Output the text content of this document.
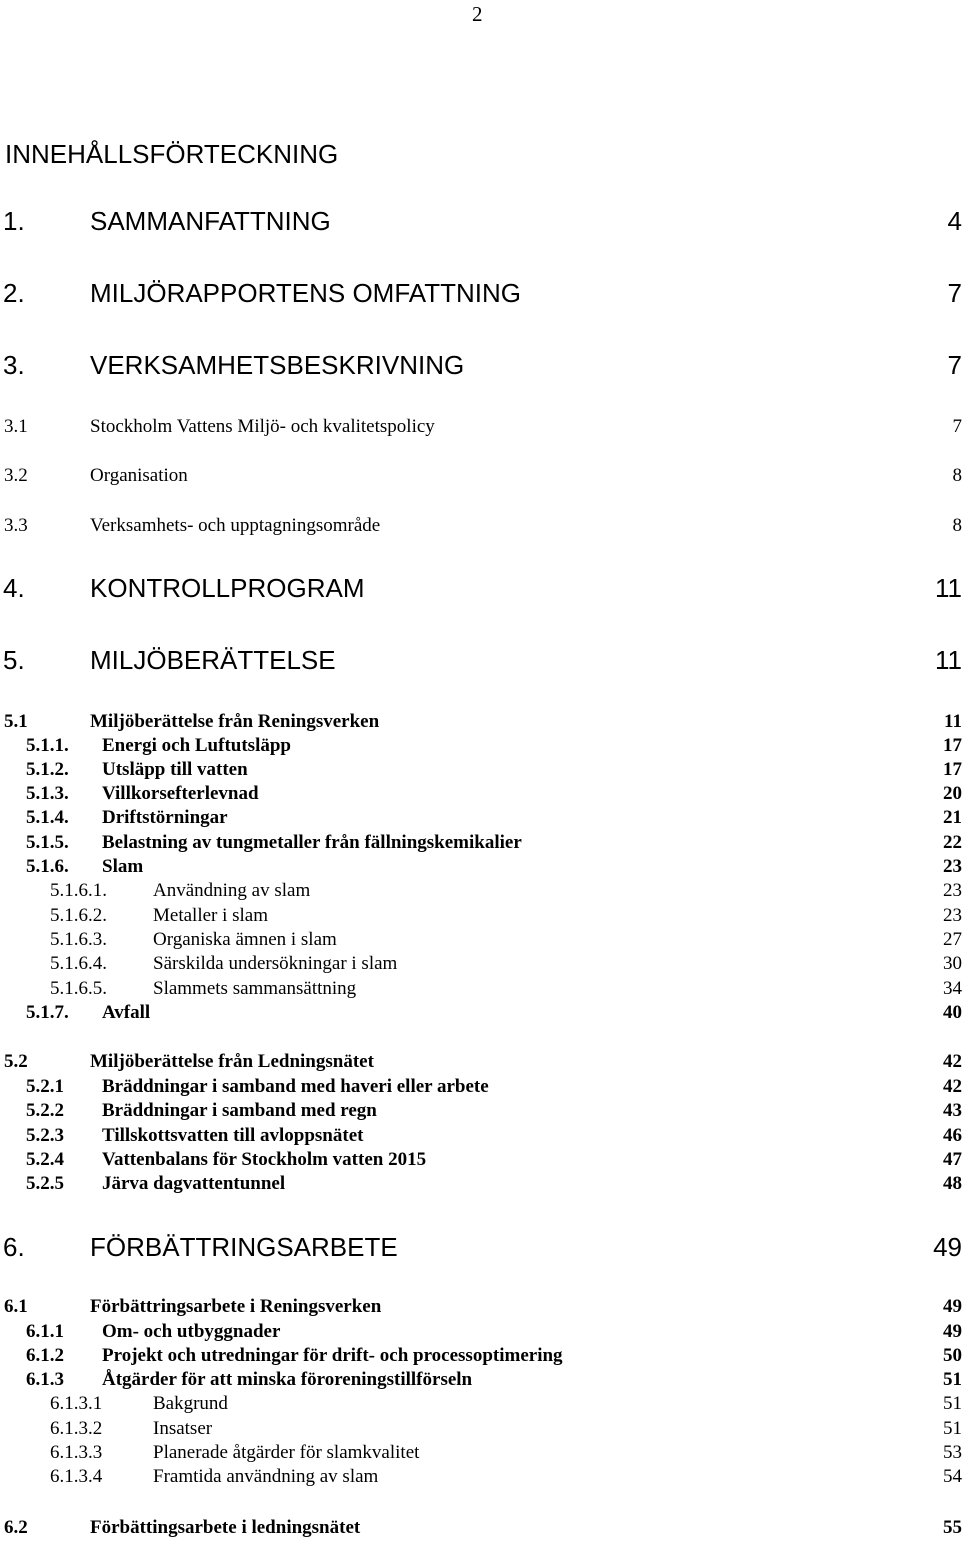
2
INNEHÅLLSFÖRTECKNING
1.	SAMMANFATTNING	4
2.	MILJÖRAPPORTENS OMFATTNING	7
3.	VERKSAMHETSBESKRIVNING	7
3.1	Stockholm Vattens Miljö- och kvalitetspolicy	7
3.2	Organisation	8
3.3	Verksamhets- och upptagningsområde	8
4.	KONTROLLPROGRAM	11
5.	MILJÖBERÄTTELSE	11
5.1	Miljöberättelse från Reningsverken	11
5.1.1. Energi och Luftutsläpp	17
5.1.2. Utsläpp till vatten	17
5.1.3. Villkorsefterlevnad	20
5.1.4. Driftstörningar	21
5.1.5. Belastning av tungmetaller från fällningskemikalier	22
5.1.6. Slam	23
5.1.6.1. Användning av slam	23
5.1.6.2. Metaller i slam	23
5.1.6.3. Organiska ämnen i slam	27
5.1.6.4. Särskilda undersökningar i slam	30
5.1.6.5. Slammets sammansättning	34
5.1.7. Avfall	40
5.2	Miljöberättelse från Ledningsnätet	42
5.2.1 Bräddningar i samband med haveri eller arbete	42
5.2.2 Bräddningar i samband med regn	43
5.2.3 Tillskottsvatten till avloppsnätet	46
5.2.4 Vattenbalans för Stockholm vatten 2015	47
5.2.5 Järva dagvattentunnel	48
6.	FÖRBÄTTRINGSARBETE	49
6.1	Förbättringsarbete i Reningsverken	49
6.1.1 Om- och utbyggnader	49
6.1.2 Projekt och utredningar för drift- och processoptimering	50
6.1.3 Åtgärder för att minska föroreningstillförseln	51
6.1.3.1	Bakgrund	51
6.1.3.2	Insatser	51
6.1.3.3	Planerade åtgärder för slamkvalitet	53
6.1.3.4	Framtida användning av slam	54
6.2	Förbättingsarbete i ledningsnätet	55
